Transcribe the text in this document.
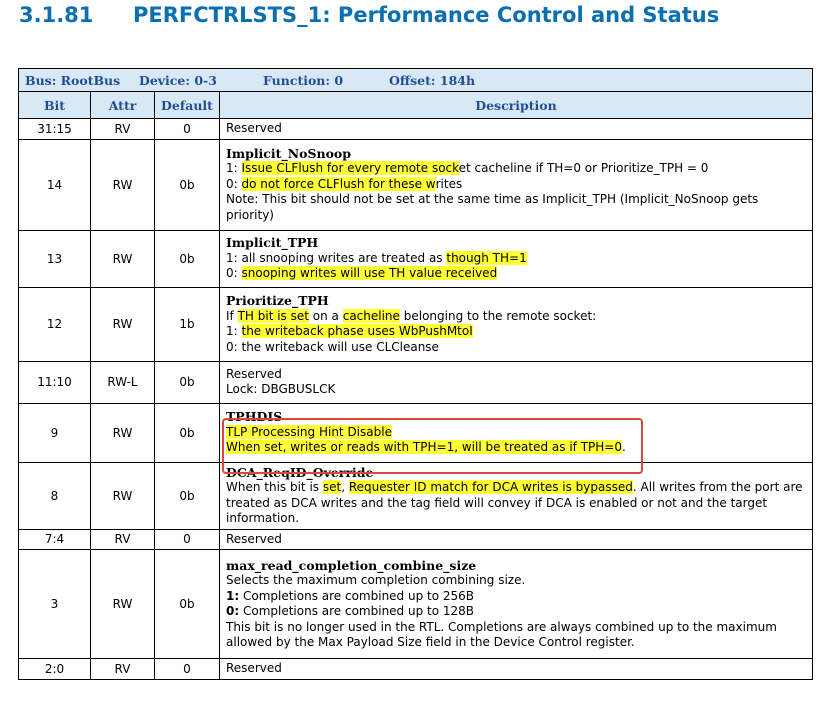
3.1.81 PERFCTRLSTS_1: Performance Control and Status
Bus: RootBus Device: 0-3 Function: 0 Offset: 184h			
Bit	Attr	Default	Description
31:15	RV	0	Reserved
14	RW	0b	Implicit_NoSnoop
1: Issue CLFlush for every remote socket cacheline if TH=0 or Prioritize_TPH = 0
0: do not force CLFlush for these writes
Note: This bit should not be set at the same time as Implicit_TPH (Implicit_NoSnoop gets priority)

13	RW	0b	Implicit_TPH
1: all snooping writes are treated as though TH=1
0: snooping writes will use TH value received

12	RW	1b	Prioritize_TPH
If TH bit is set on a cacheline belonging to the remote socket:
1: the writeback phase uses WbPushMtoI
0: the writeback will use CLCleanse

11:10	RW-L	0b	Reserved
Lock: DBGBUSLCK

9	RW	0b	TPHDIS
TLP Processing Hint Disable
When set, writes or reads with TPH=1, will be treated as if TPH=0.

8	RW	0b	DCA_ReqID_Override
When this bit is set, Requester ID match for DCA writes is bypassed. All writes from the port are treated as DCA writes and the tag field will convey if DCA is enabled or not and the target information.

7:4	RV	0	Reserved
3	RW	0b	max_read_completion_combine_size
Selects the maximum completion combining size.
1: Completions are combined up to 256B
0: Completions are combined up to 128B
This bit is no longer used in the RTL. Completions are always combined up to the maximum allowed by the Max Payload Size field in the Device Control register.

2:0	RV	0	Reserved
